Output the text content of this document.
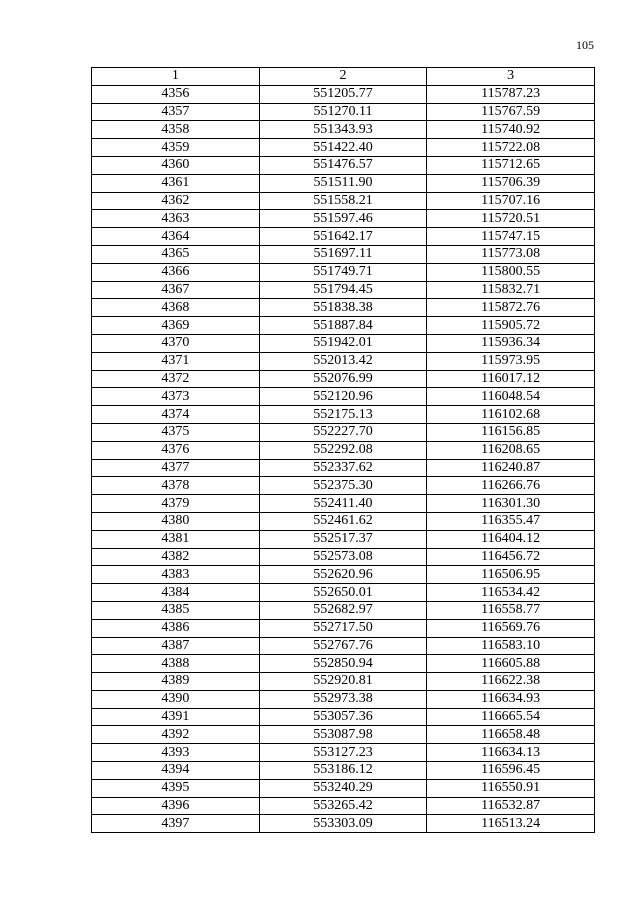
105
1	2	3
4356	551205.77	115787.23
4357	551270.11	115767.59
4358	551343.93	115740.92
4359	551422.40	115722.08
4360	551476.57	115712.65
4361	551511.90	115706.39
4362	551558.21	115707.16
4363	551597.46	115720.51
4364	551642.17	115747.15
4365	551697.11	115773.08
4366	551749.71	115800.55
4367	551794.45	115832.71
4368	551838.38	115872.76
4369	551887.84	115905.72
4370	551942.01	115936.34
4371	552013.42	115973.95
4372	552076.99	116017.12
4373	552120.96	116048.54
4374	552175.13	116102.68
4375	552227.70	116156.85
4376	552292.08	116208.65
4377	552337.62	116240.87
4378	552375.30	116266.76
4379	552411.40	116301.30
4380	552461.62	116355.47
4381	552517.37	116404.12
4382	552573.08	116456.72
4383	552620.96	116506.95
4384	552650.01	116534.42
4385	552682.97	116558.77
4386	552717.50	116569.76
4387	552767.76	116583.10
4388	552850.94	116605.88
4389	552920.81	116622.38
4390	552973.38	116634.93
4391	553057.36	116665.54
4392	553087.98	116658.48
4393	553127.23	116634.13
4394	553186.12	116596.45
4395	553240.29	116550.91
4396	553265.42	116532.87
4397	553303.09	116513.24
